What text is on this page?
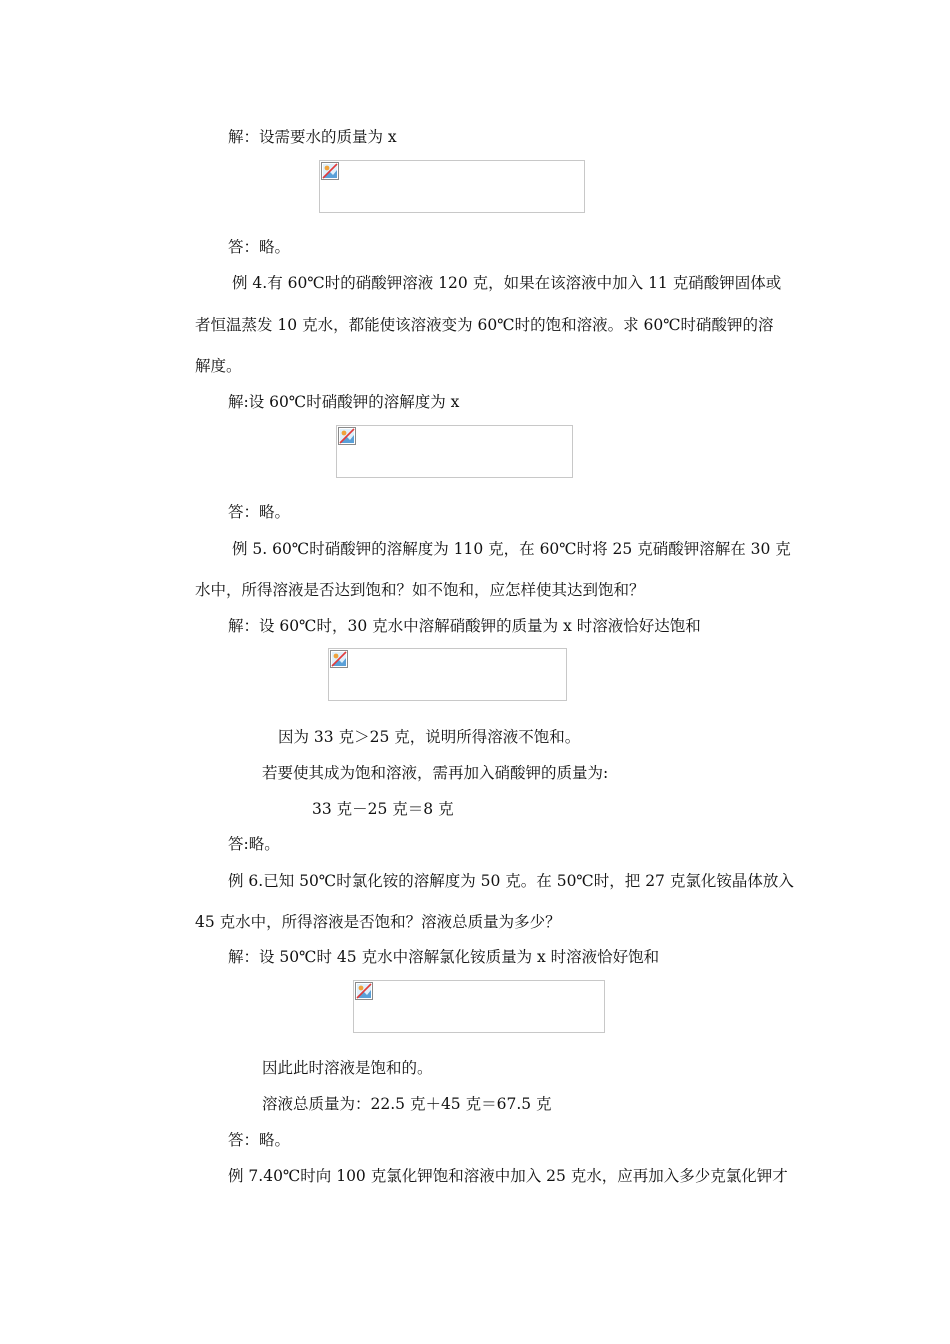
解：设需要水的质量为 x
答：略。
例 4.有 60℃时的硝酸钾溶液 120 克，如果在该溶液中加入 11 克硝酸钾固体或
者恒温蒸发 10 克水，都能使该溶液变为 60℃时的饱和溶液。求 60℃时硝酸钾的溶
解度。
解:设 60℃时硝酸钾的溶解度为 x
答：略。
例 5. 60℃时硝酸钾的溶解度为 110 克，在 60℃时将 25 克硝酸钾溶解在 30 克
水中，所得溶液是否达到饱和？如不饱和，应怎样使其达到饱和？
解：设 60℃时，30 克水中溶解硝酸钾的质量为 x 时溶液恰好达饱和
因为 33 克＞25 克，说明所得溶液不饱和。
若要使其成为饱和溶液，需再加入硝酸钾的质量为:
33 克－25 克＝8 克
答:略。
例 6.已知 50℃时氯化铵的溶解度为 50 克。在 50℃时，把 27 克氯化铵晶体放入
45 克水中，所得溶液是否饱和？溶液总质量为多少？
解：设 50℃时 45 克水中溶解氯化铵质量为 x 时溶液恰好饱和
因此此时溶液是饱和的。
溶液总质量为：22.5 克＋45 克＝67.5 克
答：略。
例 7.40℃时向 100 克氯化钾饱和溶液中加入 25 克水，应再加入多少克氯化钾才
